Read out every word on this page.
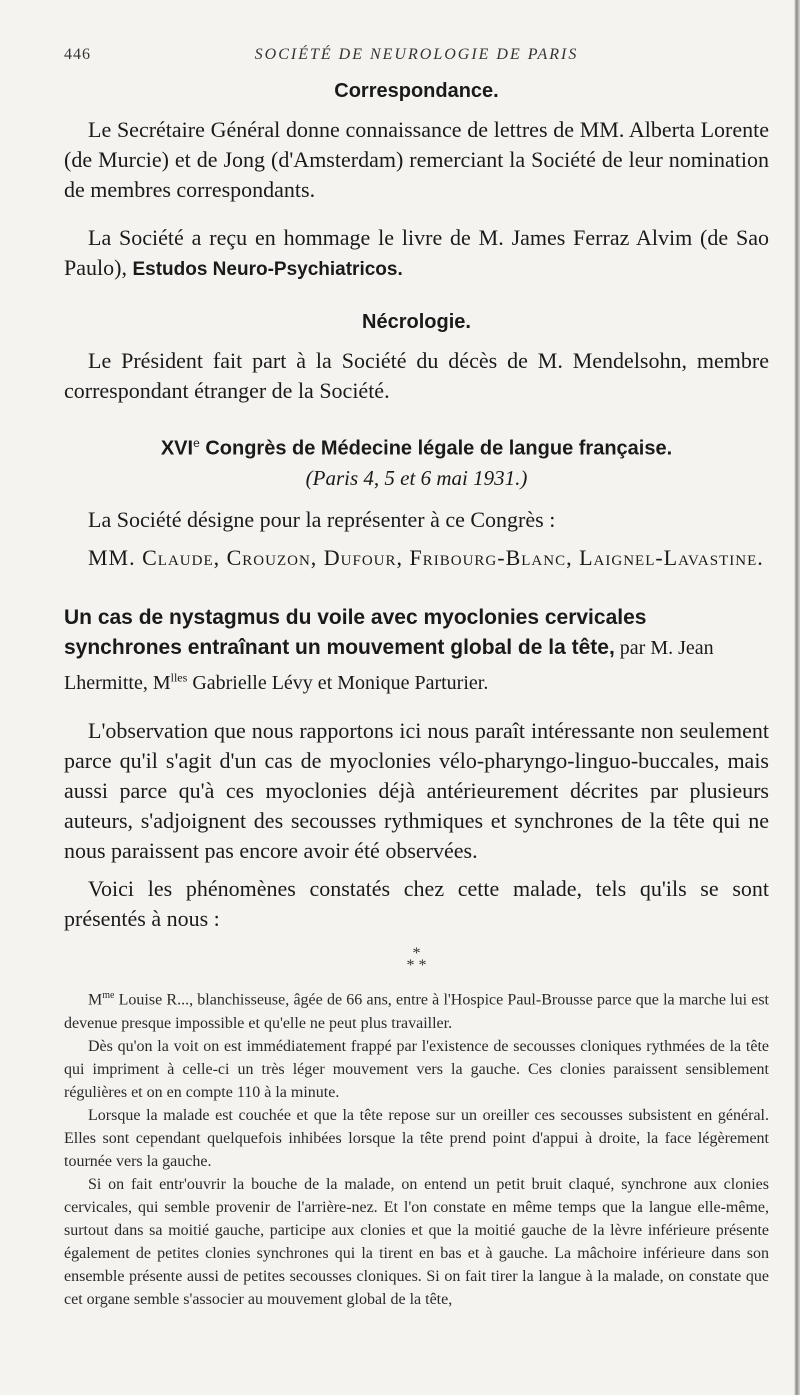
446	SOCIÉTÉ DE NEUROLOGIE DE PARIS
Correspondance.

Le Secrétaire Général donne connaissance de lettres de MM. Alberta Lorente (de Murcie) et de Jong (d'Amsterdam) remerciant la Société de leur nomination de membres correspondants.

La Société a reçu en hommage le livre de M. James Ferraz Alvim (de Sao Paulo), Estudos Neuro-Psychiatricos.

Nécrologie.

Le Président fait part à la Société du décès de M. Mendelsohn, membre correspondant étranger de la Société.

XVIe Congrès de Médecine légale de langue française.

(Paris 4, 5 et 6 mai 1931.)

La Société désigne pour la représenter à ce Congrès :

MM. Claude, Crouzon, Dufour, Fribourg-Blanc, Laignel-Lavastine.

Un cas de nystagmus du voile avec myoclonies cervicales synchrones entraînant un mouvement global de la tête, par M. Jean Lhermitte, $M^{lles}$ Gabrielle Lévy et Monique Parturier.

L'observation que nous rapportons ici nous paraît intéressante non seulement parce qu'il s'agit d'un cas de myoclonies vélo-pharyngo-linguo-buccales, mais aussi parce qu'à ces myoclonies déjà antérieurement décrites par plusieurs auteurs, s'adjoignent des secousses rythmiques et synchrones de la tête qui ne nous paraissent pas encore avoir été observées.

Voici les phénomènes constatés chez cette malade, tels qu'ils se sont présentés à nous :

*
* *

$M^{me}$ Louise R..., blanchisseuse, âgée de 66 ans, entre à l'Hospice Paul-Brousse parce que la marche lui est devenue presque impossible et qu'elle ne peut plus travailler.

Dès qu'on la voit on est immédiatement frappé par l'existence de secousses cloniques rythmées de la tête qui impriment à celle-ci un très léger mouvement vers la gauche. Ces clonies paraissent sensiblement régulières et on en compte 110 à la minute.

Lorsque la malade est couchée et que la tête repose sur un oreiller ces secousses subsistent en général. Elles sont cependant quelquefois inhibées lorsque la tête prend point d'appui à droite, la face légèrement tournée vers la gauche.

Si on fait entr'ouvrir la bouche de la malade, on entend un petit bruit claqué, synchrone aux clonies cervicales, qui semble provenir de l'arrière-nez. Et l'on constate en même temps que la langue elle-même, surtout dans sa moitié gauche, participe aux clonies et que la moitié gauche de la lèvre inférieure présente également de petites clonies synchrones qui la tirent en bas et à gauche. La mâchoire inférieure dans son ensemble présente aussi de petites secousses cloniques. Si on fait tirer la langue à la malade, on constate que cet organe semble s'associer au mouvement global de la tête,
